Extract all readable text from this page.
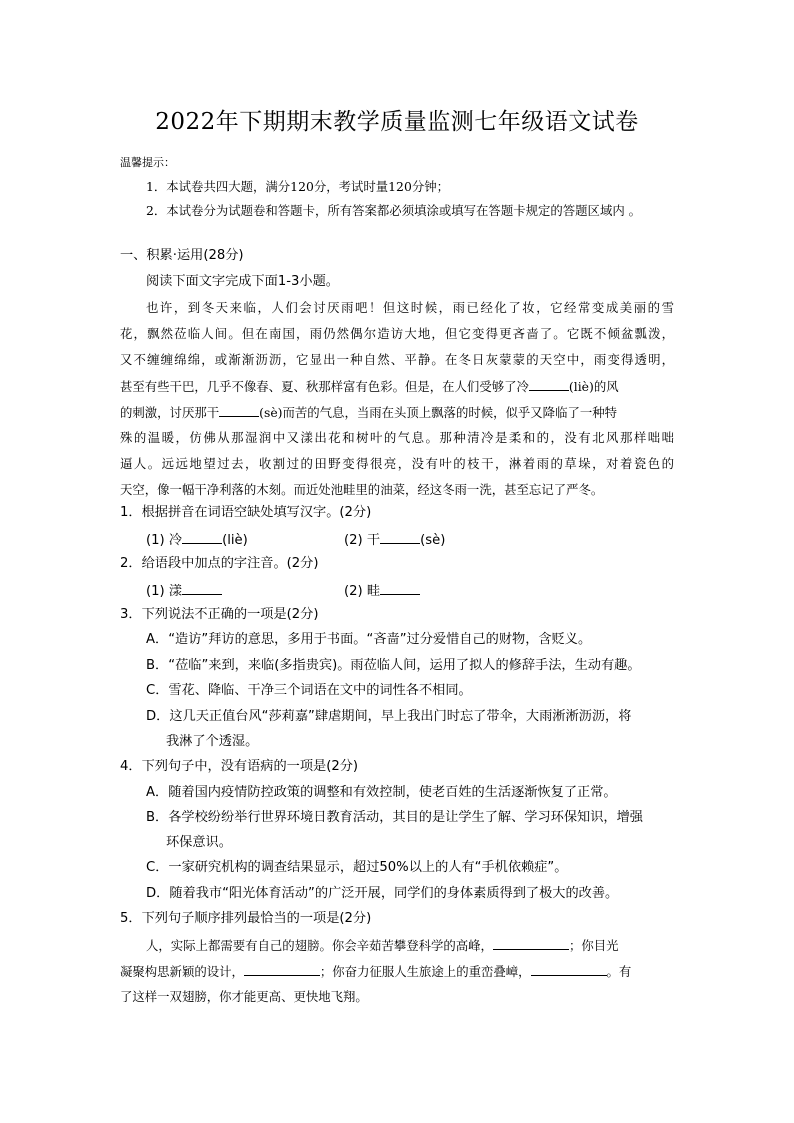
2022年下期期末教学质量监测七年级语文试卷
温馨提示：
1．本试卷共四大题，满分120分，考试时量120分钟；
2．本试卷分为试题卷和答题卡，所有答案都必须填涂或填写在答题卡规定的答题区域内 。
一、积累·运用(28分)
阅读下面文字完成下面1-3小题。
也许，到冬天来临，人们会讨厌雨吧！但这时候，雨已经化了妆，它经常变成美丽的雪
花，飘然莅临人间。但在南国，雨仍然偶尔造访大地，但它变得更吝啬了。它既不倾盆瓢泼，
又不缠缠绵绵，或渐渐沥沥，它显出一种自然、平静。在冬日灰蒙蒙的天空中，雨变得透明，
甚至有些干巴，几乎不像春、夏、秋那样富有色彩。但是，在人们受够了冷	(liè)的风
的刺激，讨厌那干	(sè)而苦的气息，当雨在头顶上飘落的时候，似乎又降临了一种特
殊的温暖，仿佛从那湿润中又漾出花和树叶的气息。那种清冷是柔和的，没有北风那样咄咄
逼人。远远地望过去，收割过的田野变得很亮，没有叶的枝干，淋着雨的草垛，对着瓷色的
天空，像一幅干净利落的木刻。而近处池畦里的油菜，经这冬雨一洗，甚至忘记了严冬。
1．根据拼音在词语空缺处填写汉字。(2分)
(1) 冷	(liè)	(2) 干	(sè)
2．给语段中加点的字注音。(2分)
(1) 漾	(2) 畦
3．下列说法不正确的一项是(2分)
A．“造访”拜访的意思，多用于书面。“吝啬”过分爱惜自己的财物，含贬义。
B．“莅临”来到，来临(多指贵宾)。雨莅临人间，运用了拟人的修辞手法，生动有趣。
C．雪花、降临、干净三个词语在文中的词性各不相同。
D．这几天正值台风“莎莉嘉”肆虐期间，早上我出门时忘了带伞，大雨淅淅沥沥，将
我淋了个透湿。
4．下列句子中，没有语病的一项是(2分)
A．随着国内疫情防控政策的调整和有效控制，使老百姓的生活逐渐恢复了正常。
B．各学校纷纷举行世界环境日教育活动，其目的是让学生了解、学习环保知识，增强
环保意识。
C．一家研究机构的调查结果显示，超过50%以上的人有“手机依赖症”。
D．随着我市“阳光体育活动”的广泛开展，同学们的身体素质得到了极大的改善。
5．下列句子顺序排列最恰当的一项是(2分)
人，实际上都需要有自己的翅膀。你会辛茹苦攀登科学的高峰，	；你目光
凝聚构思新颖的设计，	；你奋力征服人生旅途上的重峦叠嶂，	。有
了这样一双翅膀，你才能更高、更快地飞翔。
